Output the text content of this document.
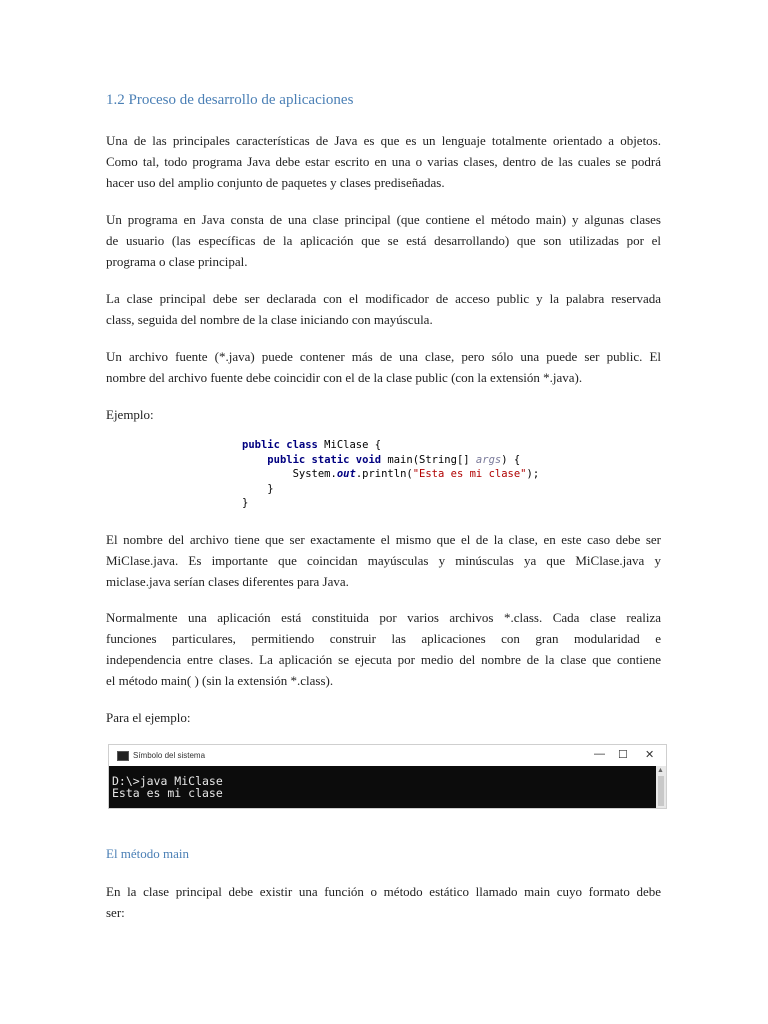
1.2 Proceso de desarrollo de aplicaciones
Una de las principales características de Java es que es un lenguaje totalmente orientado a objetos.
Como tal, todo programa Java debe estar escrito en una o varias clases, dentro de las cuales se podrá
hacer uso del amplio conjunto de paquetes y clases prediseñadas.
Un programa en Java consta de una clase principal (que contiene el método main) y algunas clases
de usuario (las específicas de la aplicación que se está desarrollando) que son utilizadas por el
programa o clase principal.
La clase principal debe ser declarada con el modificador de acceso public y la palabra reservada
class, seguida del nombre de la clase iniciando con mayúscula.
Un archivo fuente (*.java) puede contener más de una clase, pero sólo una puede ser public. El
nombre del archivo fuente debe coincidir con el de la clase public (con la extensión *.java).
Ejemplo:
public class MiClase {
public static void main(String[] args) {
System.out.println("Esta es mi clase");
}
}
El nombre del archivo tiene que ser exactamente el mismo que el de la clase, en este caso debe ser
MiClase.java. Es importante que coincidan mayúsculas y minúsculas ya que MiClase.java y
miclase.java serían clases diferentes para Java.
Normalmente una aplicación está constituida por varios archivos *.class. Cada clase realiza
funciones particulares, permitiendo construir las aplicaciones con gran modularidad e
independencia entre clases. La aplicación se ejecuta por medio del nombre de la clase que contiene
el método main( ) (sin la extensión *.class).
Para el ejemplo:
Símbolo del sistema	— ☐ ✕
D:\>java MiClase
Esta es mi clase
▲
El método main
En la clase principal debe existir una función o método estático llamado main cuyo formato debe
ser:
